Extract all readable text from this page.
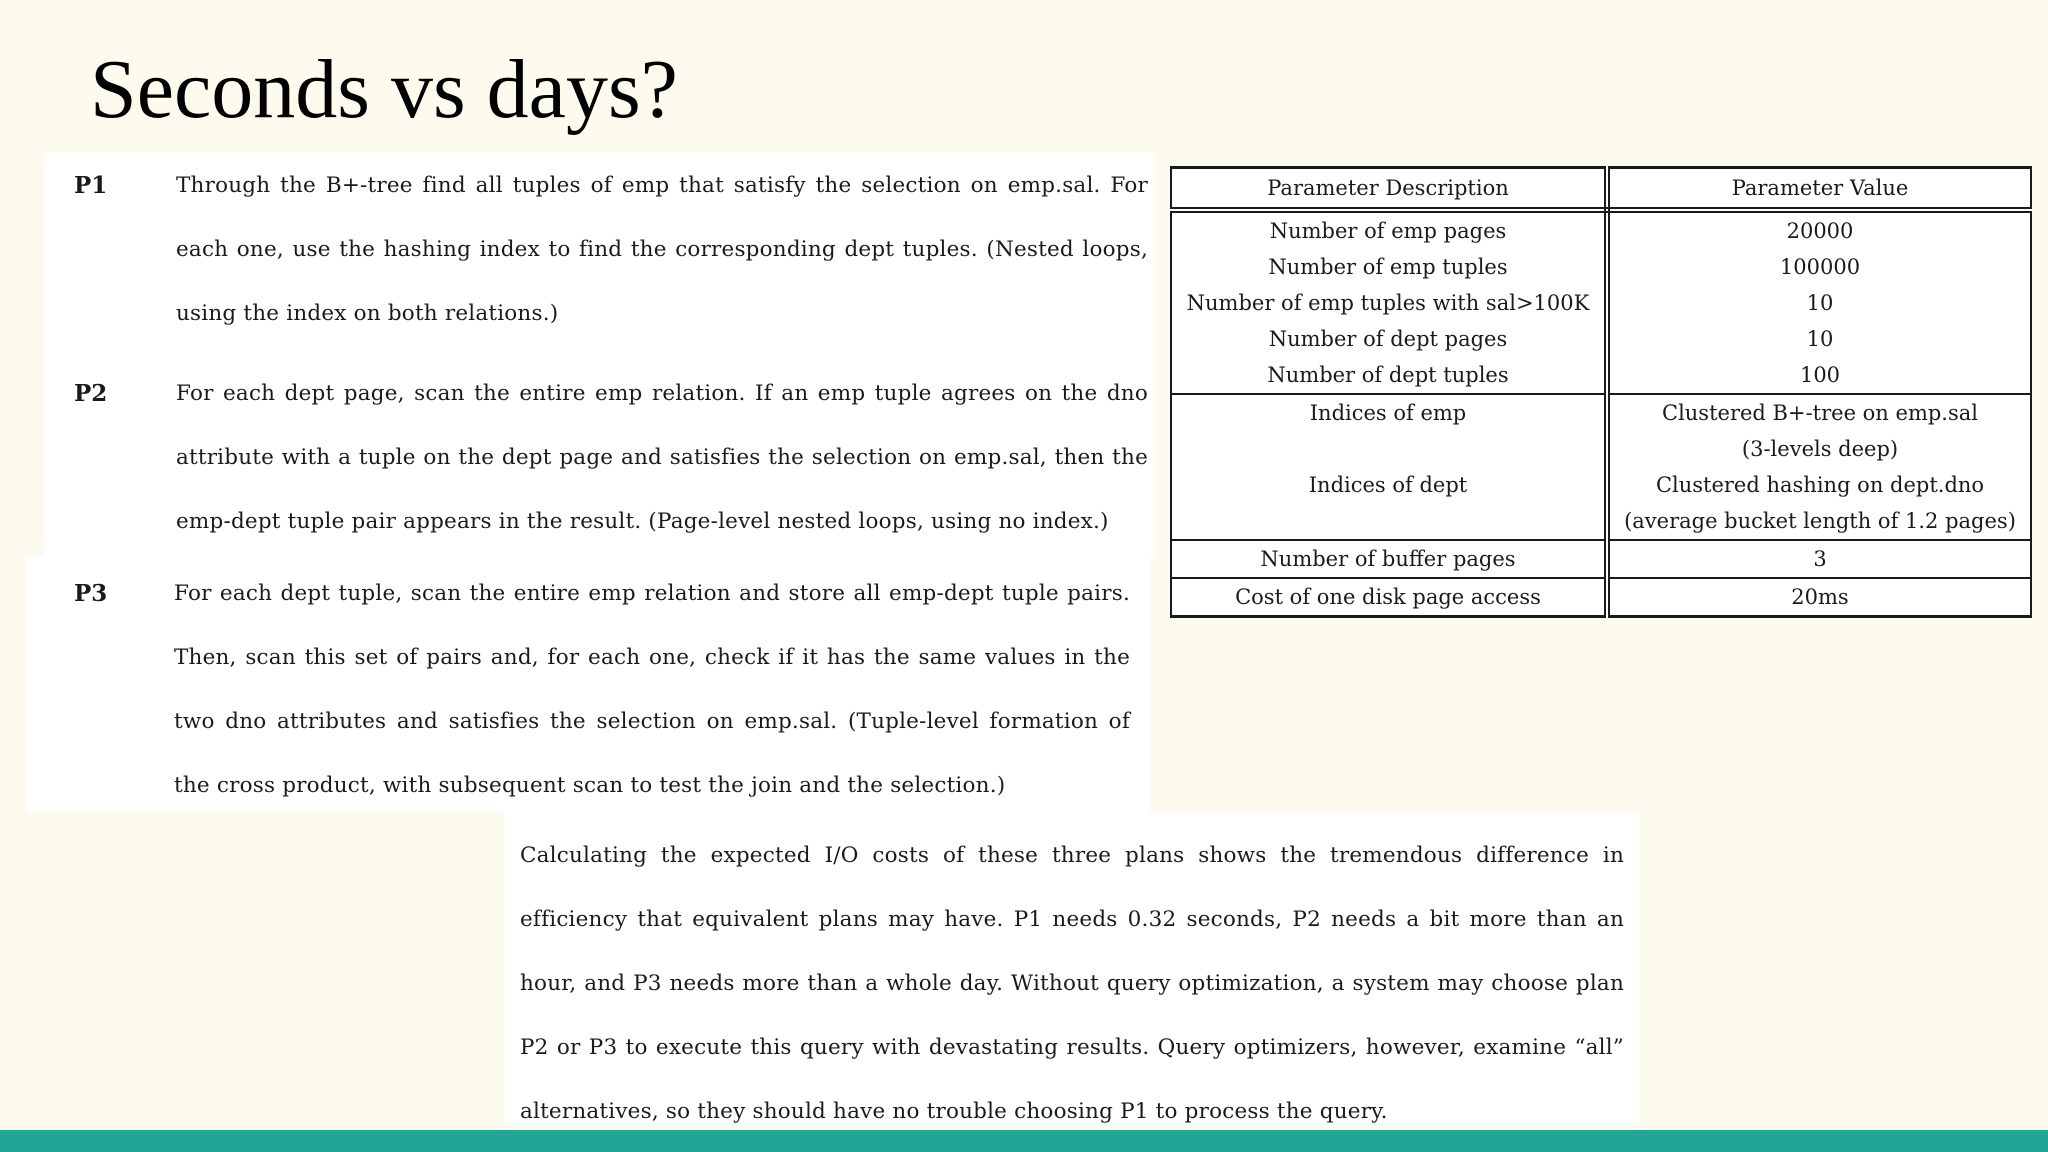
Seconds vs days?

Calculating the expected I/O costs of these three plans shows the tremendous difference in efficiency that equivalent plans may have. P1 needs 0.32 seconds, P2 needs a bit more than an hour, and P3 needs more than a whole day. Without query optimization, a system may choose plan P2 or P3 to execute this query with devastating results. Query optimizers, however, examine “all” alternatives, so they should have no trouble choosing P1 to process the query.

P1	Through the B+-tree find all tuples of emp that satisfy the selection on emp.sal. For each one, use the hashing index to find the corresponding dept tuples. (Nested loops, using the index on both relations.)

P2	For each dept page, scan the entire emp relation. If an emp tuple agrees on the dno attribute with a tuple on the dept page and satisfies the selection on emp.sal, then the emp-dept tuple pair appears in the result. (Page-level nested loops, using no index.)

P3	For each dept tuple, scan the entire emp relation and store all emp-dept tuple pairs. Then, scan this set of pairs and, for each one, check if it has the same values in the two dno attributes and satisfies the selection on emp.sal. (Tuple-level formation of the cross product, with subsequent scan to test the join and the selection.)

Parameter Description	Parameter Value
Number of emp pages	20000
Number of emp tuples	100000
Number of emp tuples with sal>100K	10
Number of dept pages	10
Number of dept tuples	100
Indices of emp	Clustered B+-tree on emp.sal
(3-levels deep)

Indices of dept	Clustered hashing on dept.dno
(average bucket length of 1.2 pages)

Number of buffer pages	3
Cost of one disk page access	20ms
